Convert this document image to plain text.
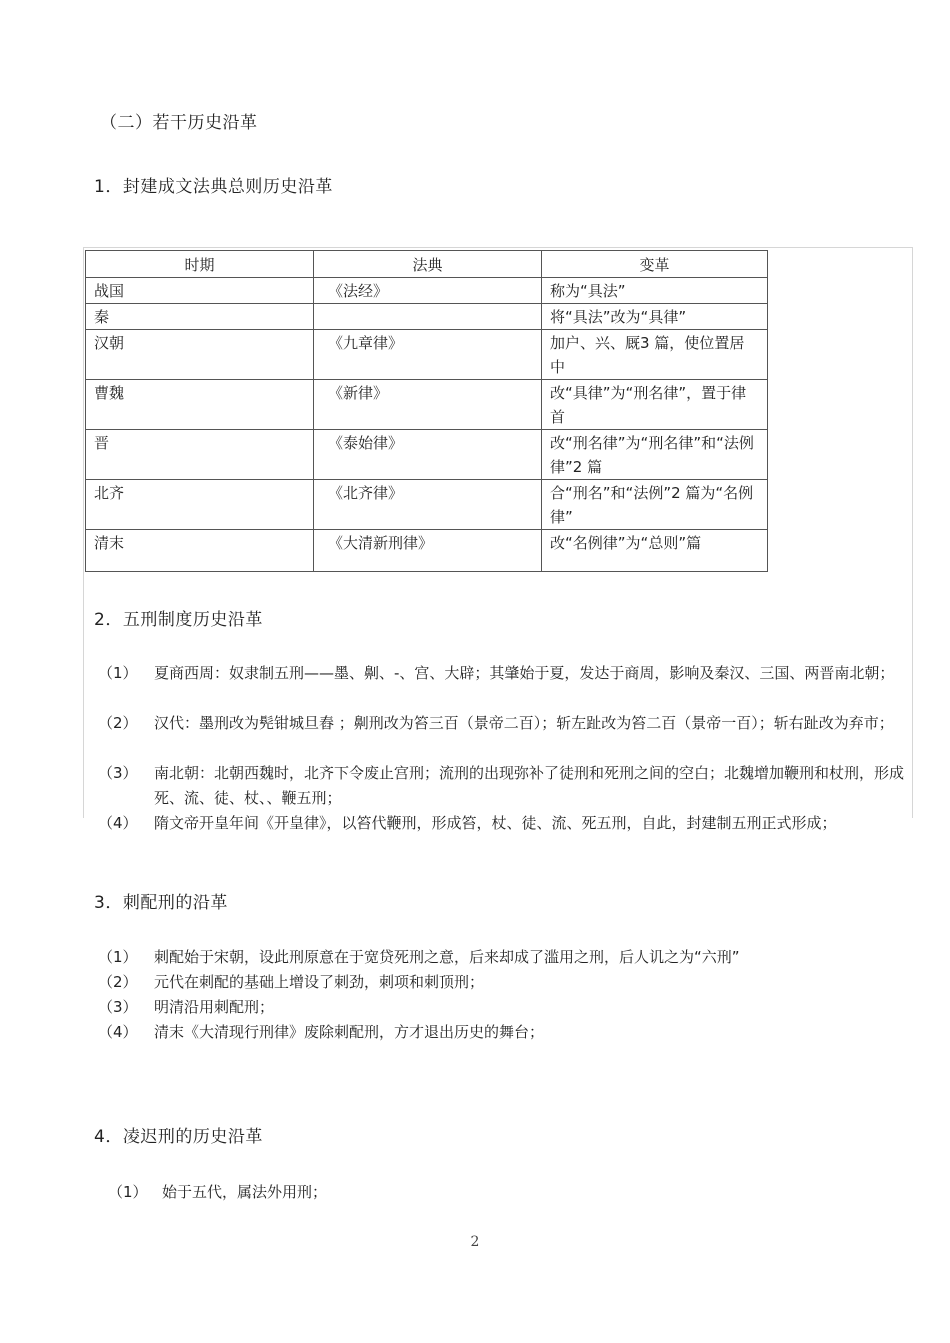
（二）若干历史沿革
1．封建成文法典总则历史沿革
时期	法典	变革
战国	《法经》	称为“具法”
秦		将“具法”改为“具律”
汉朝	《九章律》	加户、兴、厩3 篇，使位置居中
曹魏	《新律》	改“具律”为“刑名律”，置于律首
晋	《泰始律》	改“刑名律”为“刑名律”和“法例律”2 篇
北齐	《北齐律》	合“刑名”和“法例”2 篇为“名例律”
清末	《大清新刑律》	改“名例律”为“总则”篇
2．五刑制度历史沿革
（1） 夏商西周：奴隶制五刑——墨、劓、-、宫、大辟；其肇始于夏，发达于商周，影响及秦汉、三国、两晋南北朝；
（2） 汉代：墨刑改为髡钳城旦舂 ；劓刑改为笞三百（景帝二百）；斩左趾改为笞二百（景帝一百）；斩右趾改为弃市；
（3） 南北朝：北朝西魏时，北齐下令废止宫刑；流刑的出现弥补了徒刑和死刑之间的空白；北魏增加鞭刑和杖刑，形成死、流、徒、杖、、鞭五刑；
（4） 隋文帝开皇年间《开皇律》，以笞代鞭刑，形成笞，杖、徒、流、死五刑，自此，封建制五刑正式形成；
3．刺配刑的沿革
（1） 刺配始于宋朝，设此刑原意在于宽贷死刑之意，后来却成了滥用之刑，后人讥之为“六刑”
（2） 元代在刺配的基础上增设了刺劲，刺项和刺顶刑；
（3） 明清沿用刺配刑；
（4） 清末《大清现行刑律》废除刺配刑，方才退出历史的舞台；
4．凌迟刑的历史沿革
（1） 始于五代，属法外用刑；
2
